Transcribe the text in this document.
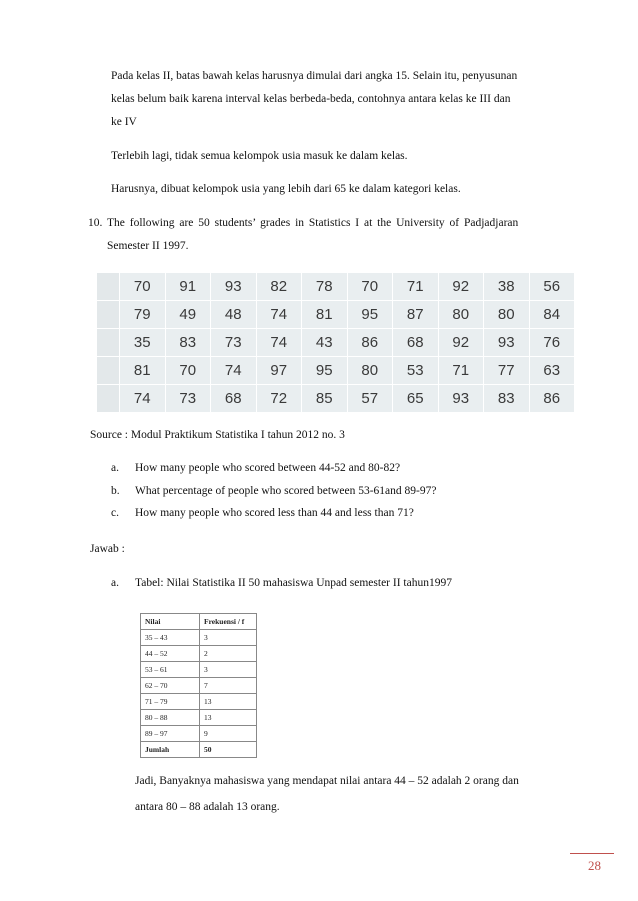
Pada kelas II, batas bawah kelas harusnya dimulai dari angka 15. Selain itu, penyusunan
kelas belum baik karena interval kelas berbeda-beda, contohnya antara kelas ke III dan
ke IV
Terlebih lagi, tidak semua kelompok usia masuk ke dalam kelas.
Harusnya, dibuat kelompok usia yang lebih dari 65 ke dalam kategori kelas.
10. The following are 50 students’ grades in Statistics I at the University of Padjadjaran
Semester II 1997.
	70	91	93	82	78	70	71	92	38	56
	79	49	48	74	81	95	87	80	80	84
	35	83	73	74	43	86	68	92	93	76
	81	70	74	97	95	80	53	71	77	63
	74	73	68	72	85	57	65	93	83	86
Source : Modul Praktikum Statistika I tahun 2012 no. 3
a. How many people who scored between 44-52 and 80-82?
b. What percentage of people who scored between 53-61and 89-97?
c. How many people who scored less than 44 and less than 71?
Jawab :
a. Tabel: Nilai Statistika II 50 mahasiswa Unpad semester II tahun1997
Nilai	Frekuensi / f
35 – 43	3
44 – 52	2
53 – 61	3
62 – 70	7
71 – 79	13
80 – 88	13
89 – 97	9
Jumlah	50
Jadi, Banyaknya mahasiswa yang mendapat nilai antara 44 – 52 adalah 2 orang dan
antara 80 – 88 adalah 13 orang.
28
